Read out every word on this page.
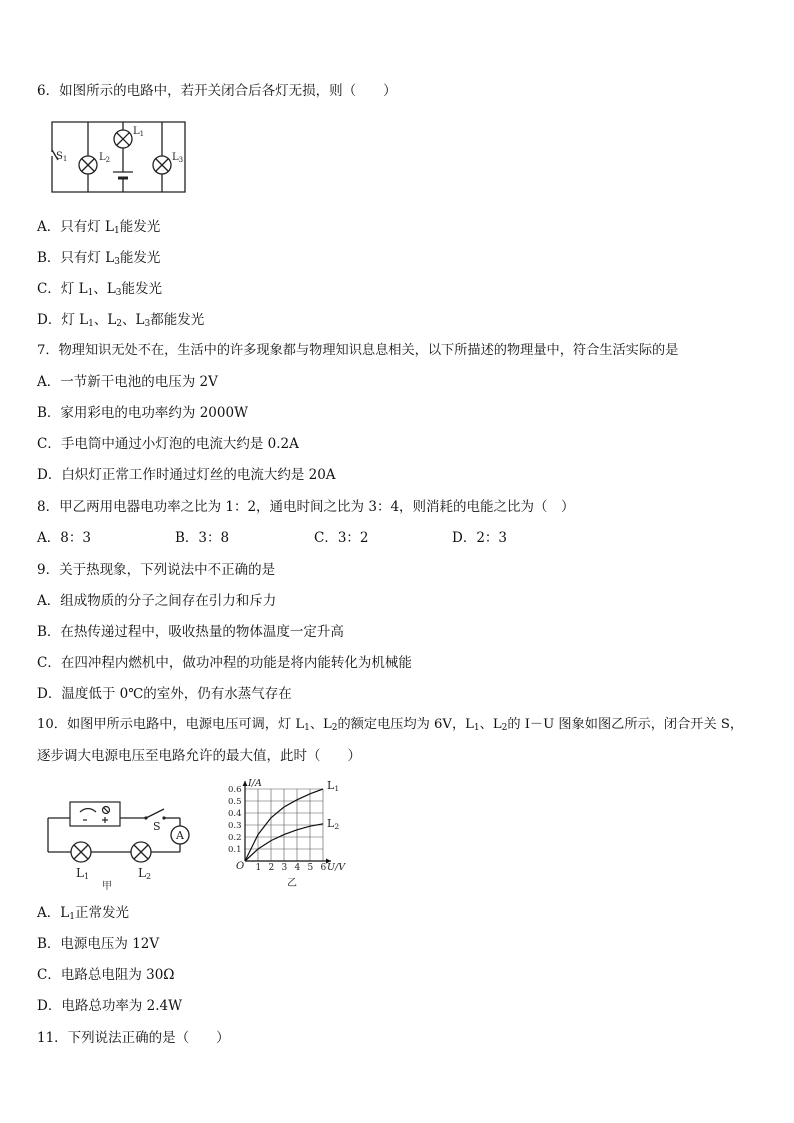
6．如图所示的电路中，若开关闭合后各灯无损，则（　　）
$S_1$	$L_2$
$L_1$
$L_3$
A．只有灯 $L_1$能发光
B．只有灯 $L_3$能发光
C．灯 $L_1$、$L_3$能发光
D．灯 $L_1$、$L_2$、$L_3$都能发光
7．物理知识无处不在，生活中的许多现象都与物理知识息息相关，以下所描述的物理量中，符合生活实际的是
A．一节新干电池的电压为 2V
B．家用彩电的电功率约为 2000W
C．手电筒中通过小灯泡的电流大约是 0.2A
D．白炽灯正常工作时通过灯丝的电流大约是 20A
8．甲乙两用电器电功率之比为 1：2，通电时间之比为 3：4，则消耗的电能之比为（　）
A．8：3	B．3：8	C．3：2	D．2：3
9．关于热现象，下列说法中不正确的是
A．组成物质的分子之间存在引力和斥力
B．在热传递过程中，吸收热量的物体温度一定升高
C．在四冲程内燃机中，做功冲程的功能是将内能转化为机械能
D．温度低于 0℃的室外，仍有水蒸气存在
10．如图甲所示电路中，电源电压可调，灯 $L_1$、$L_2$的额定电压均为 6V，$L_1$、$L_2$的 I－U 图象如图乙所示，闭合开关 S，
逐步调大电源电压至电路允许的最大值，此时（　　）
A
S
L1	L2
甲
1 2 3 4 5 6
0.1
0.2
0.3
0.4
0.5
0.6
O
I/A
U/V
乙
L1
L2
A．$L_1$正常发光
B．电源电压为 12V
C．电路总电阻为 30Ω
D．电路总功率为 2.4W
11．下列说法正确的是（　　）
